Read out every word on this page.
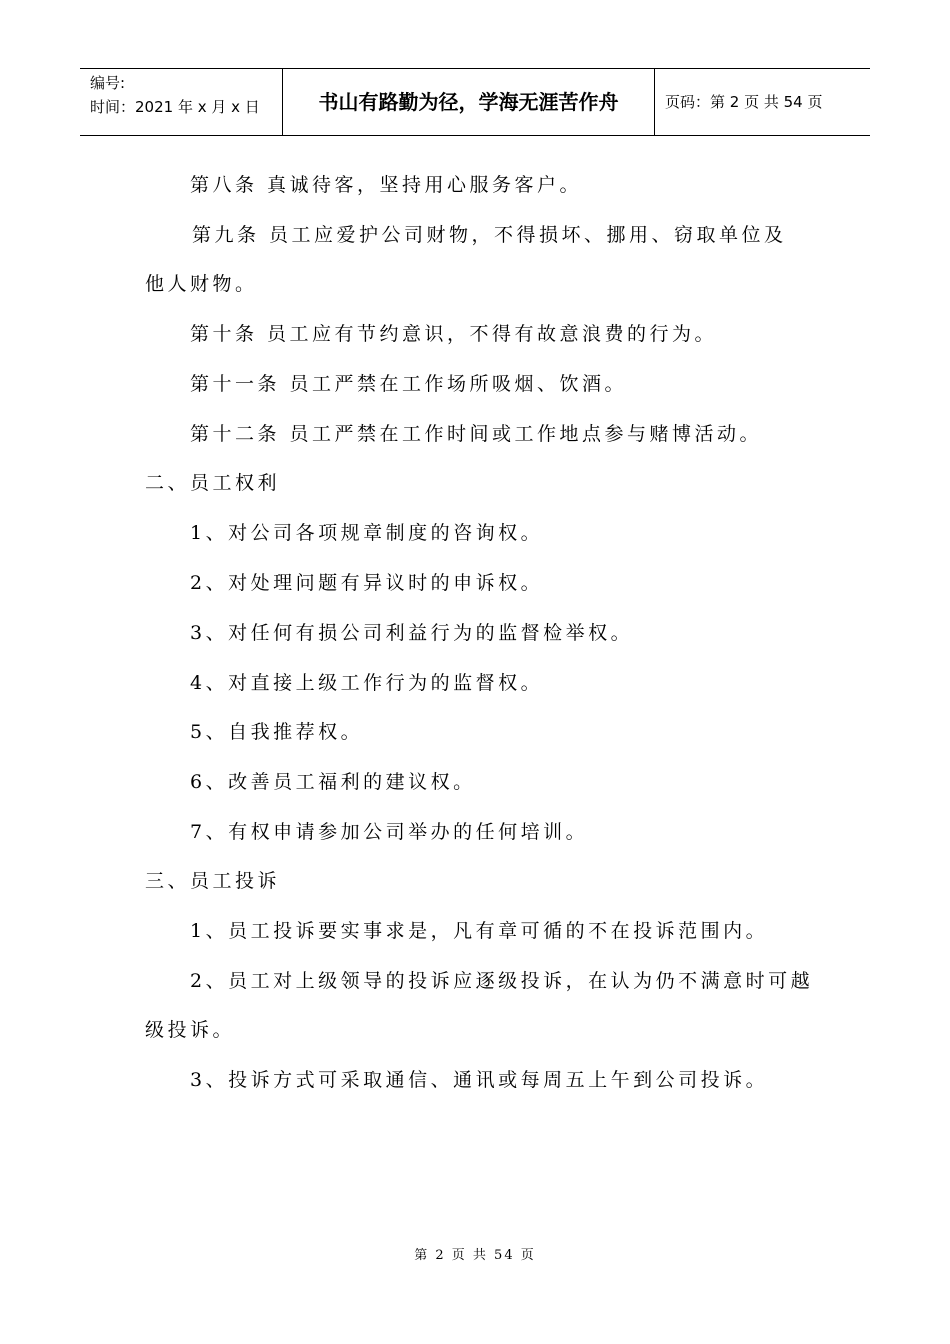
编号:
时间：2021 年 x 月 x 日	书山有路勤为径，学海无涯苦作舟	页码：第 2 页 共 54 页
第八条 真诚待客，坚持用心服务客户。
第九条 员工应爱护公司财物，不得损坏、挪用、窃取单位及
他人财物。
第十条 员工应有节约意识，不得有故意浪费的行为。
第十一条 员工严禁在工作场所吸烟、饮酒。
第十二条 员工严禁在工作时间或工作地点参与赌博活动。
二、员工权利
1、对公司各项规章制度的咨询权。
2、对处理问题有异议时的申诉权。
3、对任何有损公司利益行为的监督检举权。
4、对直接上级工作行为的监督权。
5、自我推荐权。
6、改善员工福利的建议权。
7、有权申请参加公司举办的任何培训。
三、员工投诉
1、员工投诉要实事求是，凡有章可循的不在投诉范围内。
2、员工对上级领导的投诉应逐级投诉，在认为仍不满意时可越
级投诉。
3、投诉方式可采取通信、通讯或每周五上午到公司投诉。
第 2 页 共 54 页
